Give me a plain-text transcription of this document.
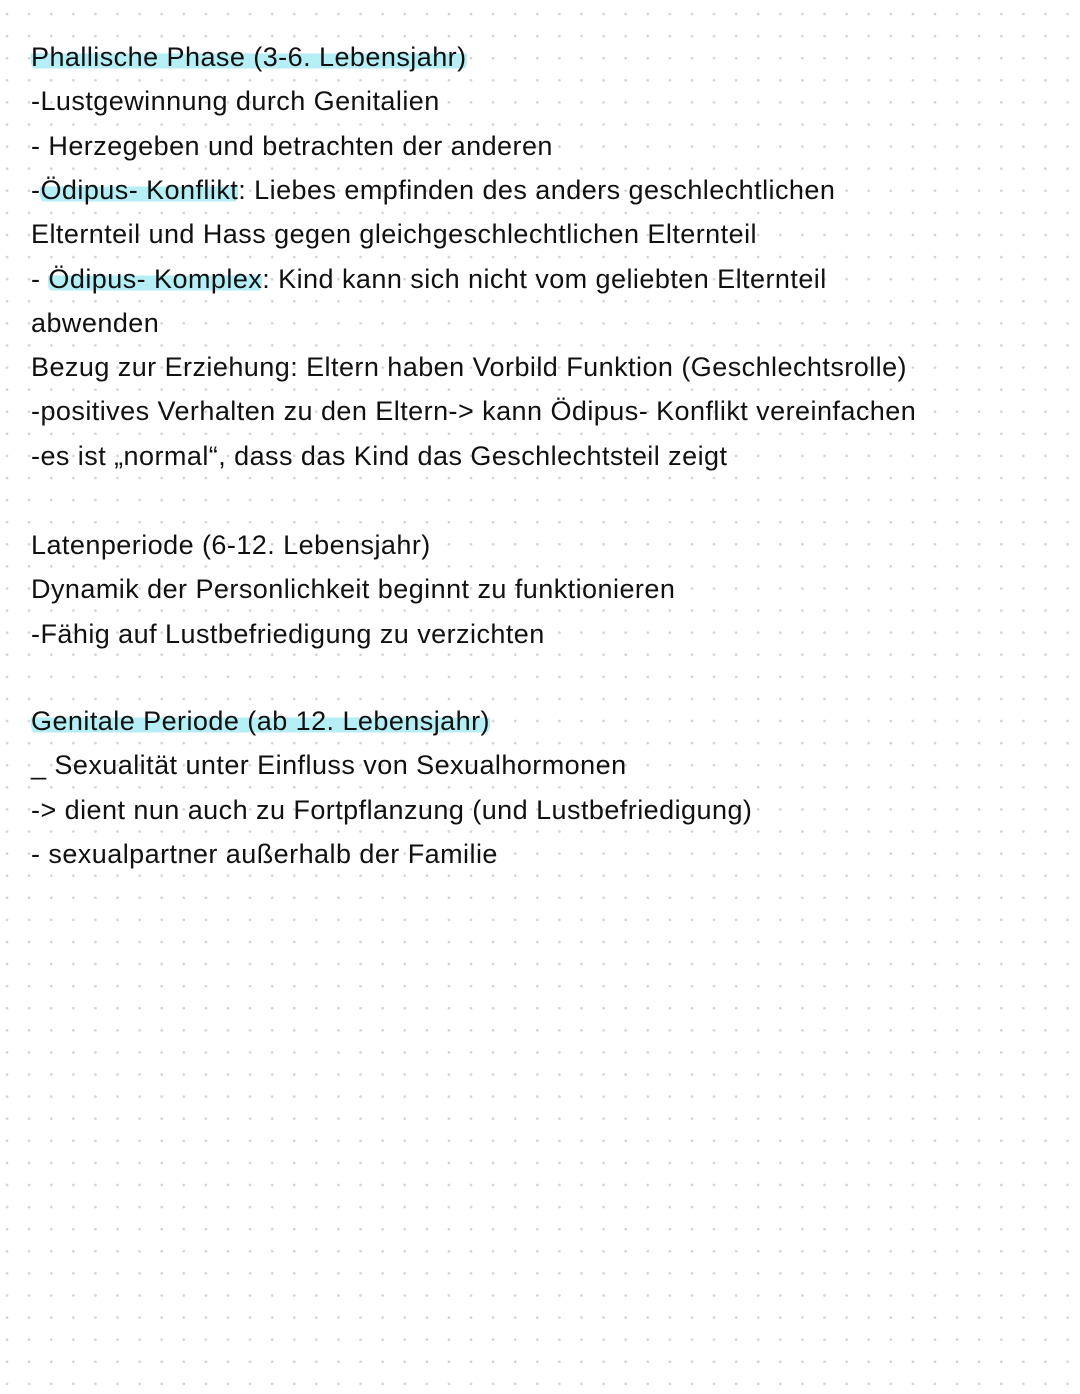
Phallische Phase (3-6. Lebensjahr)
-Lustgewinnung durch Genitalien
- Herzegeben und betrachten der anderen
-Ödipus- Konflikt: Liebes empfinden des anders geschlechtlichen
Elternteil und Hass gegen gleichgeschlechtlichen Elternteil
- Ödipus- Komplex: Kind kann sich nicht vom geliebten Elternteil
abwenden
Bezug zur Erziehung: Eltern haben Vorbild Funktion (Geschlechtsrolle)
-positives Verhalten zu den Eltern-> kann Ödipus- Konflikt vereinfachen
-es ist „normal“, dass das Kind das Geschlechtsteil zeigt
Latenperiode (6-12. Lebensjahr)
Dynamik der Personlichkeit beginnt zu funktionieren
-Fähig auf Lustbefriedigung zu verzichten
Genitale Periode (ab 12. Lebensjahr)
_ Sexualität unter Einfluss von Sexualhormonen
-> dient nun auch zu Fortpflanzung (und Lustbefriedigung)
- sexualpartner außerhalb der Familie
